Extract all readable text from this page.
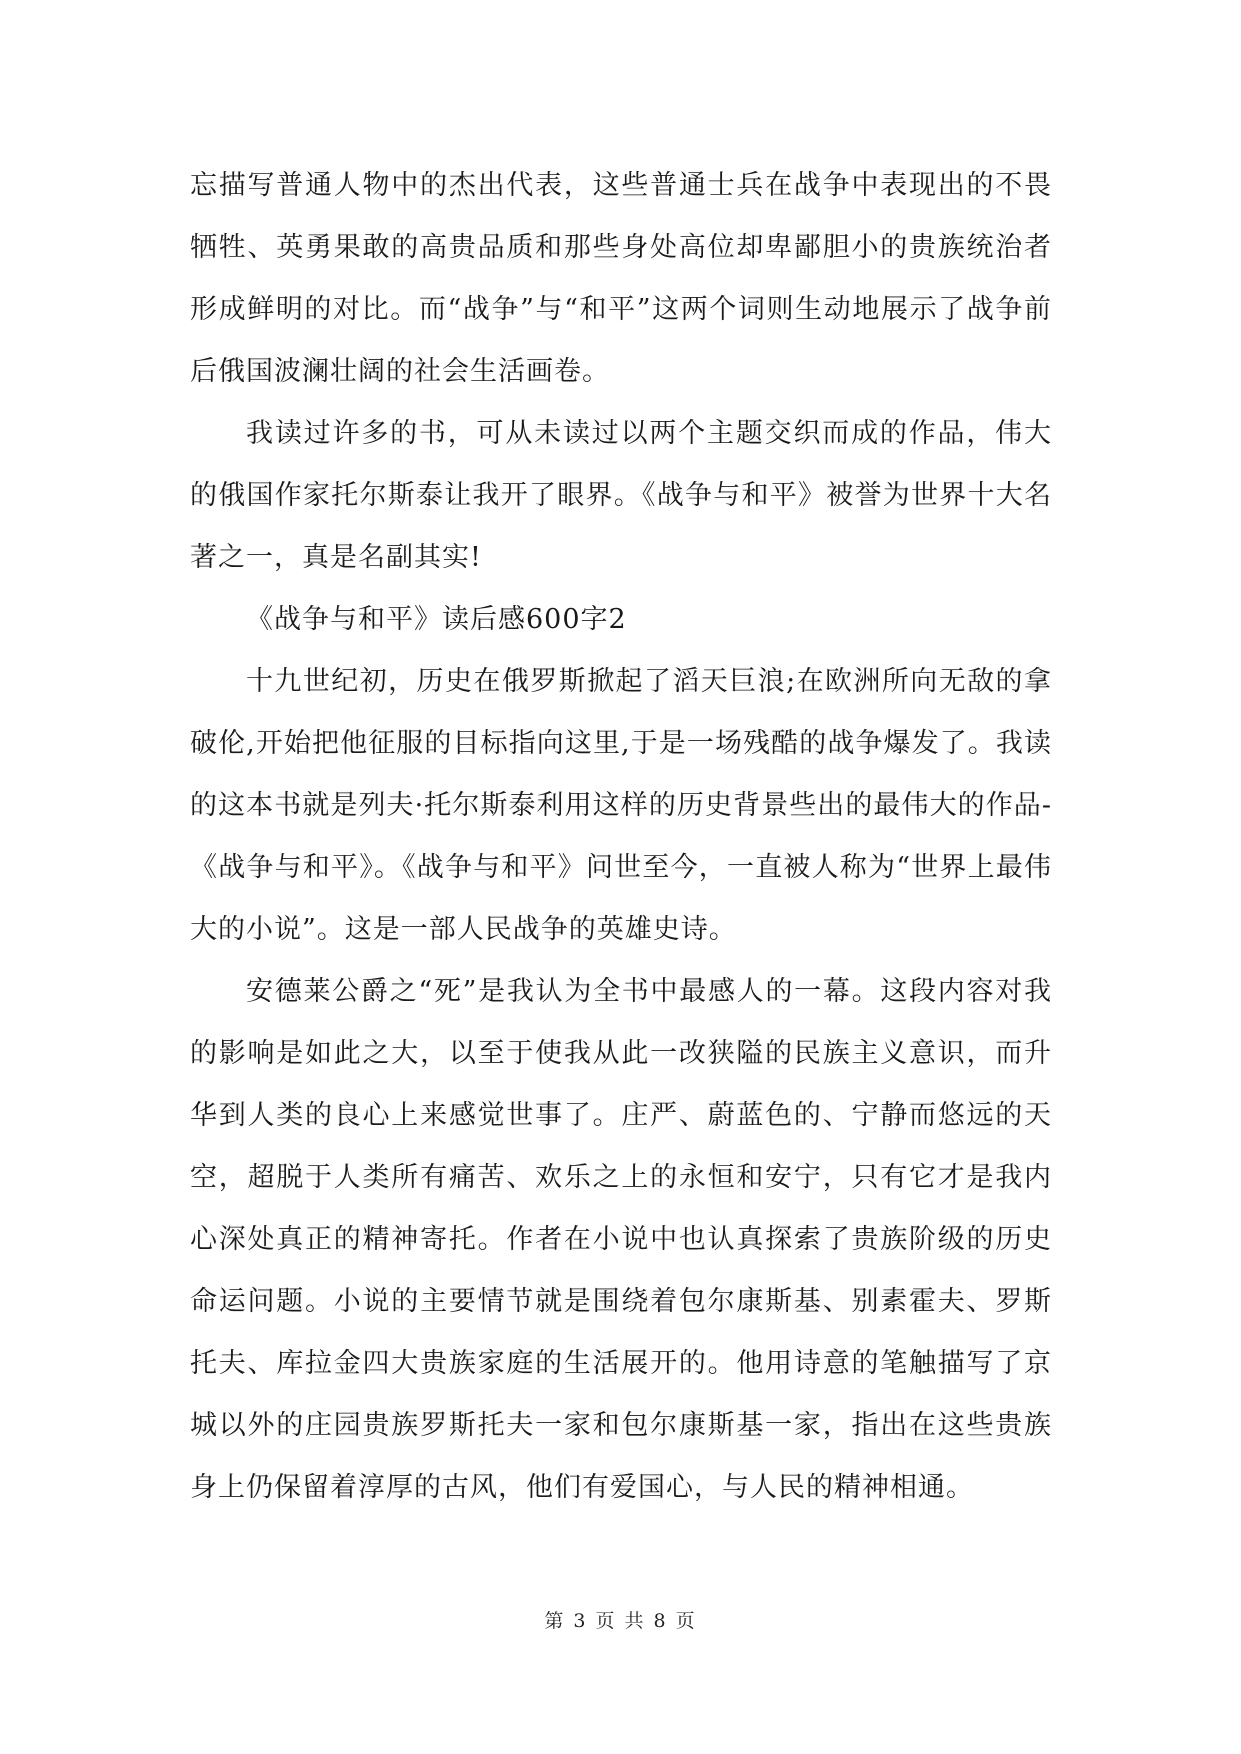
忘描写普通人物中的杰出代表，这些普通士兵在战争中表现出的不畏牺牲、英勇果敢的高贵品质和那些身处高位却卑鄙胆小的贵族统治者形成鲜明的对比。而“战争”与“和平”这两个词则生动地展示了战争前后俄国波澜壮阔的社会生活画卷。

我读过许多的书，可从未读过以两个主题交织而成的作品，伟大的俄国作家托尔斯泰让我开了眼界。《战争与和平》被誉为世界十大名著之一，真是名副其实!

《战争与和平》读后感600字2

十九世纪初，历史在俄罗斯掀起了滔天巨浪;在欧洲所向无敌的拿破伦,开始把他征服的目标指向这里,于是一场残酷的战争爆发了。我读的这本书就是列夫·托尔斯泰利用这样的历史背景些出的最伟大的作品-《战争与和平》。《战争与和平》问世至今，一直被人称为“世界上最伟大的小说”。这是一部人民战争的英雄史诗。

安德莱公爵之“死”是我认为全书中最感人的一幕。这段内容对我的影响是如此之大，以至于使我从此一改狭隘的民族主义意识，而升华到人类的良心上来感觉世事了。庄严、蔚蓝色的、宁静而悠远的天空，超脱于人类所有痛苦、欢乐之上的永恒和安宁，只有它才是我内心深处真正的精神寄托。作者在小说中也认真探索了贵族阶级的历史命运问题。小说的主要情节就是围绕着包尔康斯基、别素霍夫、罗斯托夫、库拉金四大贵族家庭的生活展开的。他用诗意的笔触描写了京城以外的庄园贵族罗斯托夫一家和包尔康斯基一家，指出在这些贵族身上仍保留着淳厚的古风，他们有爱国心，与人民的精神相通。

第 3 页 共 8 页
